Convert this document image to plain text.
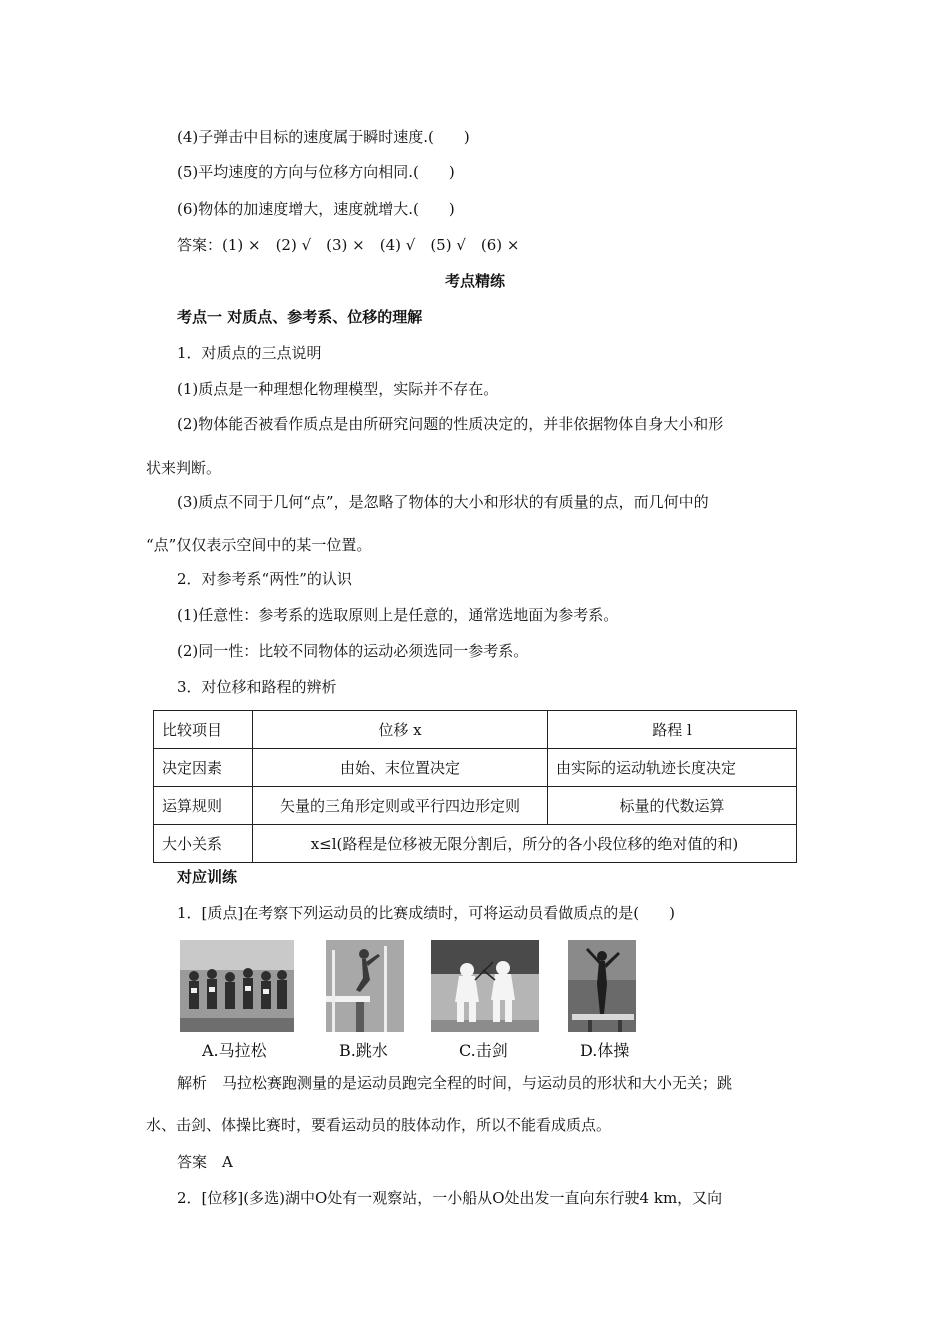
(4)子弹击中目标的速度属于瞬时速度.(　　)
(5)平均速度的方向与位移方向相同.(　　)
(6)物体的加速度增大，速度就增大.(　　)
答案：(1) ×　(2) √　(3) ×　(4) √　(5) √　(6) ×
考点精练
考点一 对质点、参考系、位移的理解
1．对质点的三点说明
(1)质点是一种理想化物理模型，实际并不存在。
(2)物体能否被看作质点是由所研究问题的性质决定的，并非依据物体自身大小和形
状来判断。
(3)质点不同于几何“点”，是忽略了物体的大小和形状的有质量的点，而几何中的
“点”仅仅表示空间中的某一位置。
2．对参考系“两性”的认识
(1)任意性：参考系的选取原则上是任意的，通常选地面为参考系。
(2)同一性：比较不同物体的运动必须选同一参考系。
3．对位移和路程的辨析
比较项目	位移 x	路程 l
决定因素	由始、末位置决定	由实际的运动轨迹长度决定
运算规则	矢量的三角形定则或平行四边形定则	标量的代数运算
大小关系	x≤l(路程是位移被无限分割后，所分的各小段位移的绝对值的和)	
对应训练
1．[质点]在考察下列运动员的比赛成绩时，可将运动员看做质点的是(　　)
A.马拉松	B.跳水	C.击剑	D.体操
解析　马拉松赛跑测量的是运动员跑完全程的时间，与运动员的形状和大小无关；跳
水、击剑、体操比赛时，要看运动员的肢体动作，所以不能看成质点。
答案　A
2．[位移](多选)湖中O处有一观察站，一小船从O处出发一直向东行驶4 km，又向
